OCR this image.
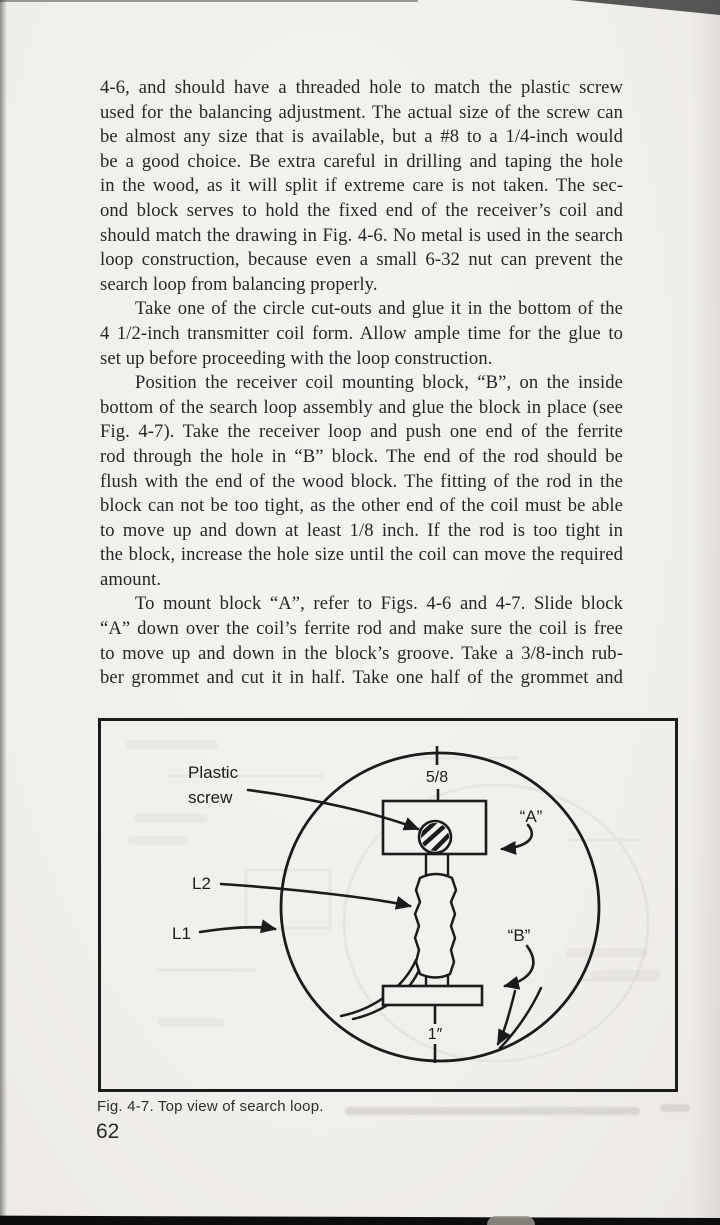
4-6, and should have a threaded hole to match the plastic screw
used for the balancing adjustment. The actual size of the screw can
be almost any size that is available, but a #8 to a 1/4-inch would
be a good choice. Be extra careful in drilling and taping the hole
in the wood, as it will split if extreme care is not taken. The sec-
ond block serves to hold the fixed end of the receiver’s coil and
should match the drawing in Fig. 4-6. No metal is used in the search
loop construction, because even a small 6-32 nut can prevent the
search loop from balancing properly.
Take one of the circle cut-outs and glue it in the bottom of the
4 1/2-inch transmitter coil form. Allow ample time for the glue to
set up before proceeding with the loop construction.
Position the receiver coil mounting block, “B”, on the inside
bottom of the search loop assembly and glue the block in place (see
Fig. 4-7). Take the receiver loop and push one end of the ferrite
rod through the hole in “B” block. The end of the rod should be
flush with the end of the wood block. The fitting of the rod in the
block can not be too tight, as the other end of the coil must be able
to move up and down at least 1/8 inch. If the rod is too tight in
the block, increase the hole size until the coil can move the required
amount.
To mount block “A”, refer to Figs. 4-6 and 4-7. Slide block
“A” down over the coil’s ferrite rod and make sure the coil is free
to move up and down in the block’s groove. Take a 3/8-inch rub-
ber grommet and cut it in half. Take one half of the grommet and
Plastic
screw
5/8
“A”
L2
L1	“B”
1″
Fig. 4-7. Top view of search loop.
62
